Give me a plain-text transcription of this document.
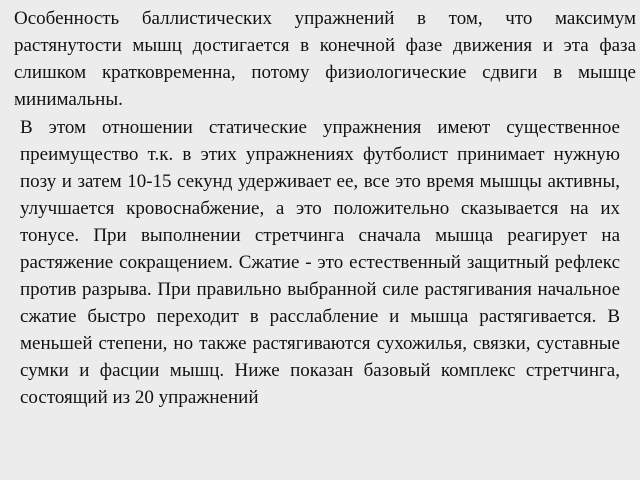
Особенность баллистических упражнений в том, что максимум растянутости мышц достигается в конечной фазе движения и эта фаза слишком кратковременна, потому физиологические сдвиги в мышце минимальны.

В этом отношении статические упражнения имеют существенное преимущество т.к. в этих упражнениях футболист принимает нужную позу и затем 10-15 секунд удерживает ее, все это время мышцы активны, улучшается кровоснабжение, а это положительно сказывается на их тонусе. При выполнении стретчинга сначала мышца реагирует на растяжение сокращением. Сжатие - это естественный защитный рефлекс против разрыва. При правильно выбранной силе растягивания начальное сжатие быстро переходит в расслабление и мышца растягивается. В меньшей степени, но также растягиваются сухожилья, связки, суставные сумки и фасции мышц. Ниже показан базовый комплекс стретчинга, состоящий из 20 упражнений
